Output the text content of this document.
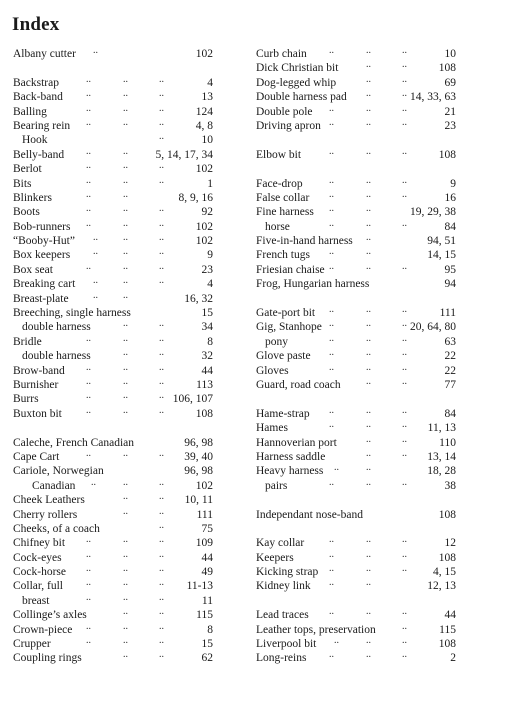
Index
Albany cutter ..	102
Backstrap	..	..	..	4
Back-band ..	..	..	13
Balling	..	..	..	124
Bearing rein ..	..	..	4, 8
Hook	..	10
Belly-band ..	.. 5, 14, 17, 34
Berlot	..	..	..	102
Bits	..	..	..	1
Blinkers	..	..	8, 9, 16
Boots	..	..	..	92
Bob-runners ..	..	..	102
“Booby-Hut” ..	..	..	102
Box keepers ..	..	..	9
Box seat	..	..	..	23
Breaking cart ..	..	..	4
Breast-plate ..	..	16, 32
Breeching, single harness	15
double harness	..	..	34
Bridle	..	..	..	8
double harness	..	..	32
Brow-band ..	..	..	44
Burnisher	..	..	..	113
Burrs	..	..	.. 106, 107
Buxton bit ..	..	..	108
Caleche, French Canadian	96, 98
Cape Cart	..	..	.. 39, 40
Cariole, Norwegian	96, 98
Canadian ..	..	..	102
Cheek Leathers	..	.. 10, 11
Cherry rollers	..	..	111
Cheeks, of a coach	..	75
Chifney bit ..	..	..	109
Cock-eyes ..	..	..	44
Cock-horse ..	..	..	49
Collar, full ..	..	.. 11-13
breast	..	..	..	11
Collinge’s axles	..	..	115
Crown-piece ..	..	..	8
Crupper	..	..	..	15
Coupling rings	..	..	62
Curb chain ..	..	..	10
Dick Christian bit	..	..	108
Dog-legged whip	..	..	69
Double harness pad ..	.. 14, 33, 63
Double pole ..	..	..	21
Driving apron ..	..	..	23
Elbow bit	..	..	..	108
Face-drop	..	..	..	9
False collar ..	..	..	16
Fine harness ..	..	19, 29, 38
horse	..	..	..	84
Five-in-hand harness ..	94, 51
French tugs ..	..	14, 15
Friesian chaise ..	..	..	95
Frog, Hungarian harness	94
Gate-port bit ..	..	..	111
Gig, Stanhope ..	..	.. 20, 64, 80
pony	..	..	..	63
Glove paste ..	..	..	22
Gloves	..	..	..	22
Guard, road coach	..	..	77
Hame-strap ..	..	..	84
Hames	..	..	.. 11, 13
Hannoverian port	..	..	110
Harness saddle	..	.. 13, 14
Heavy harness ..	..	18, 28
pairs	..	..	..	38
Independant nose-band	108
Kay collar ..	..	..	12
Keepers	..	..	..	108
Kicking strap ..	..	.. 4, 15
Kidney link ..	..	12, 13
Lead traces ..	..	..	44
Leather tops, preservation	..	115
Liverpool bit ..	..	..	108
Long-reins ..	..	..	2
